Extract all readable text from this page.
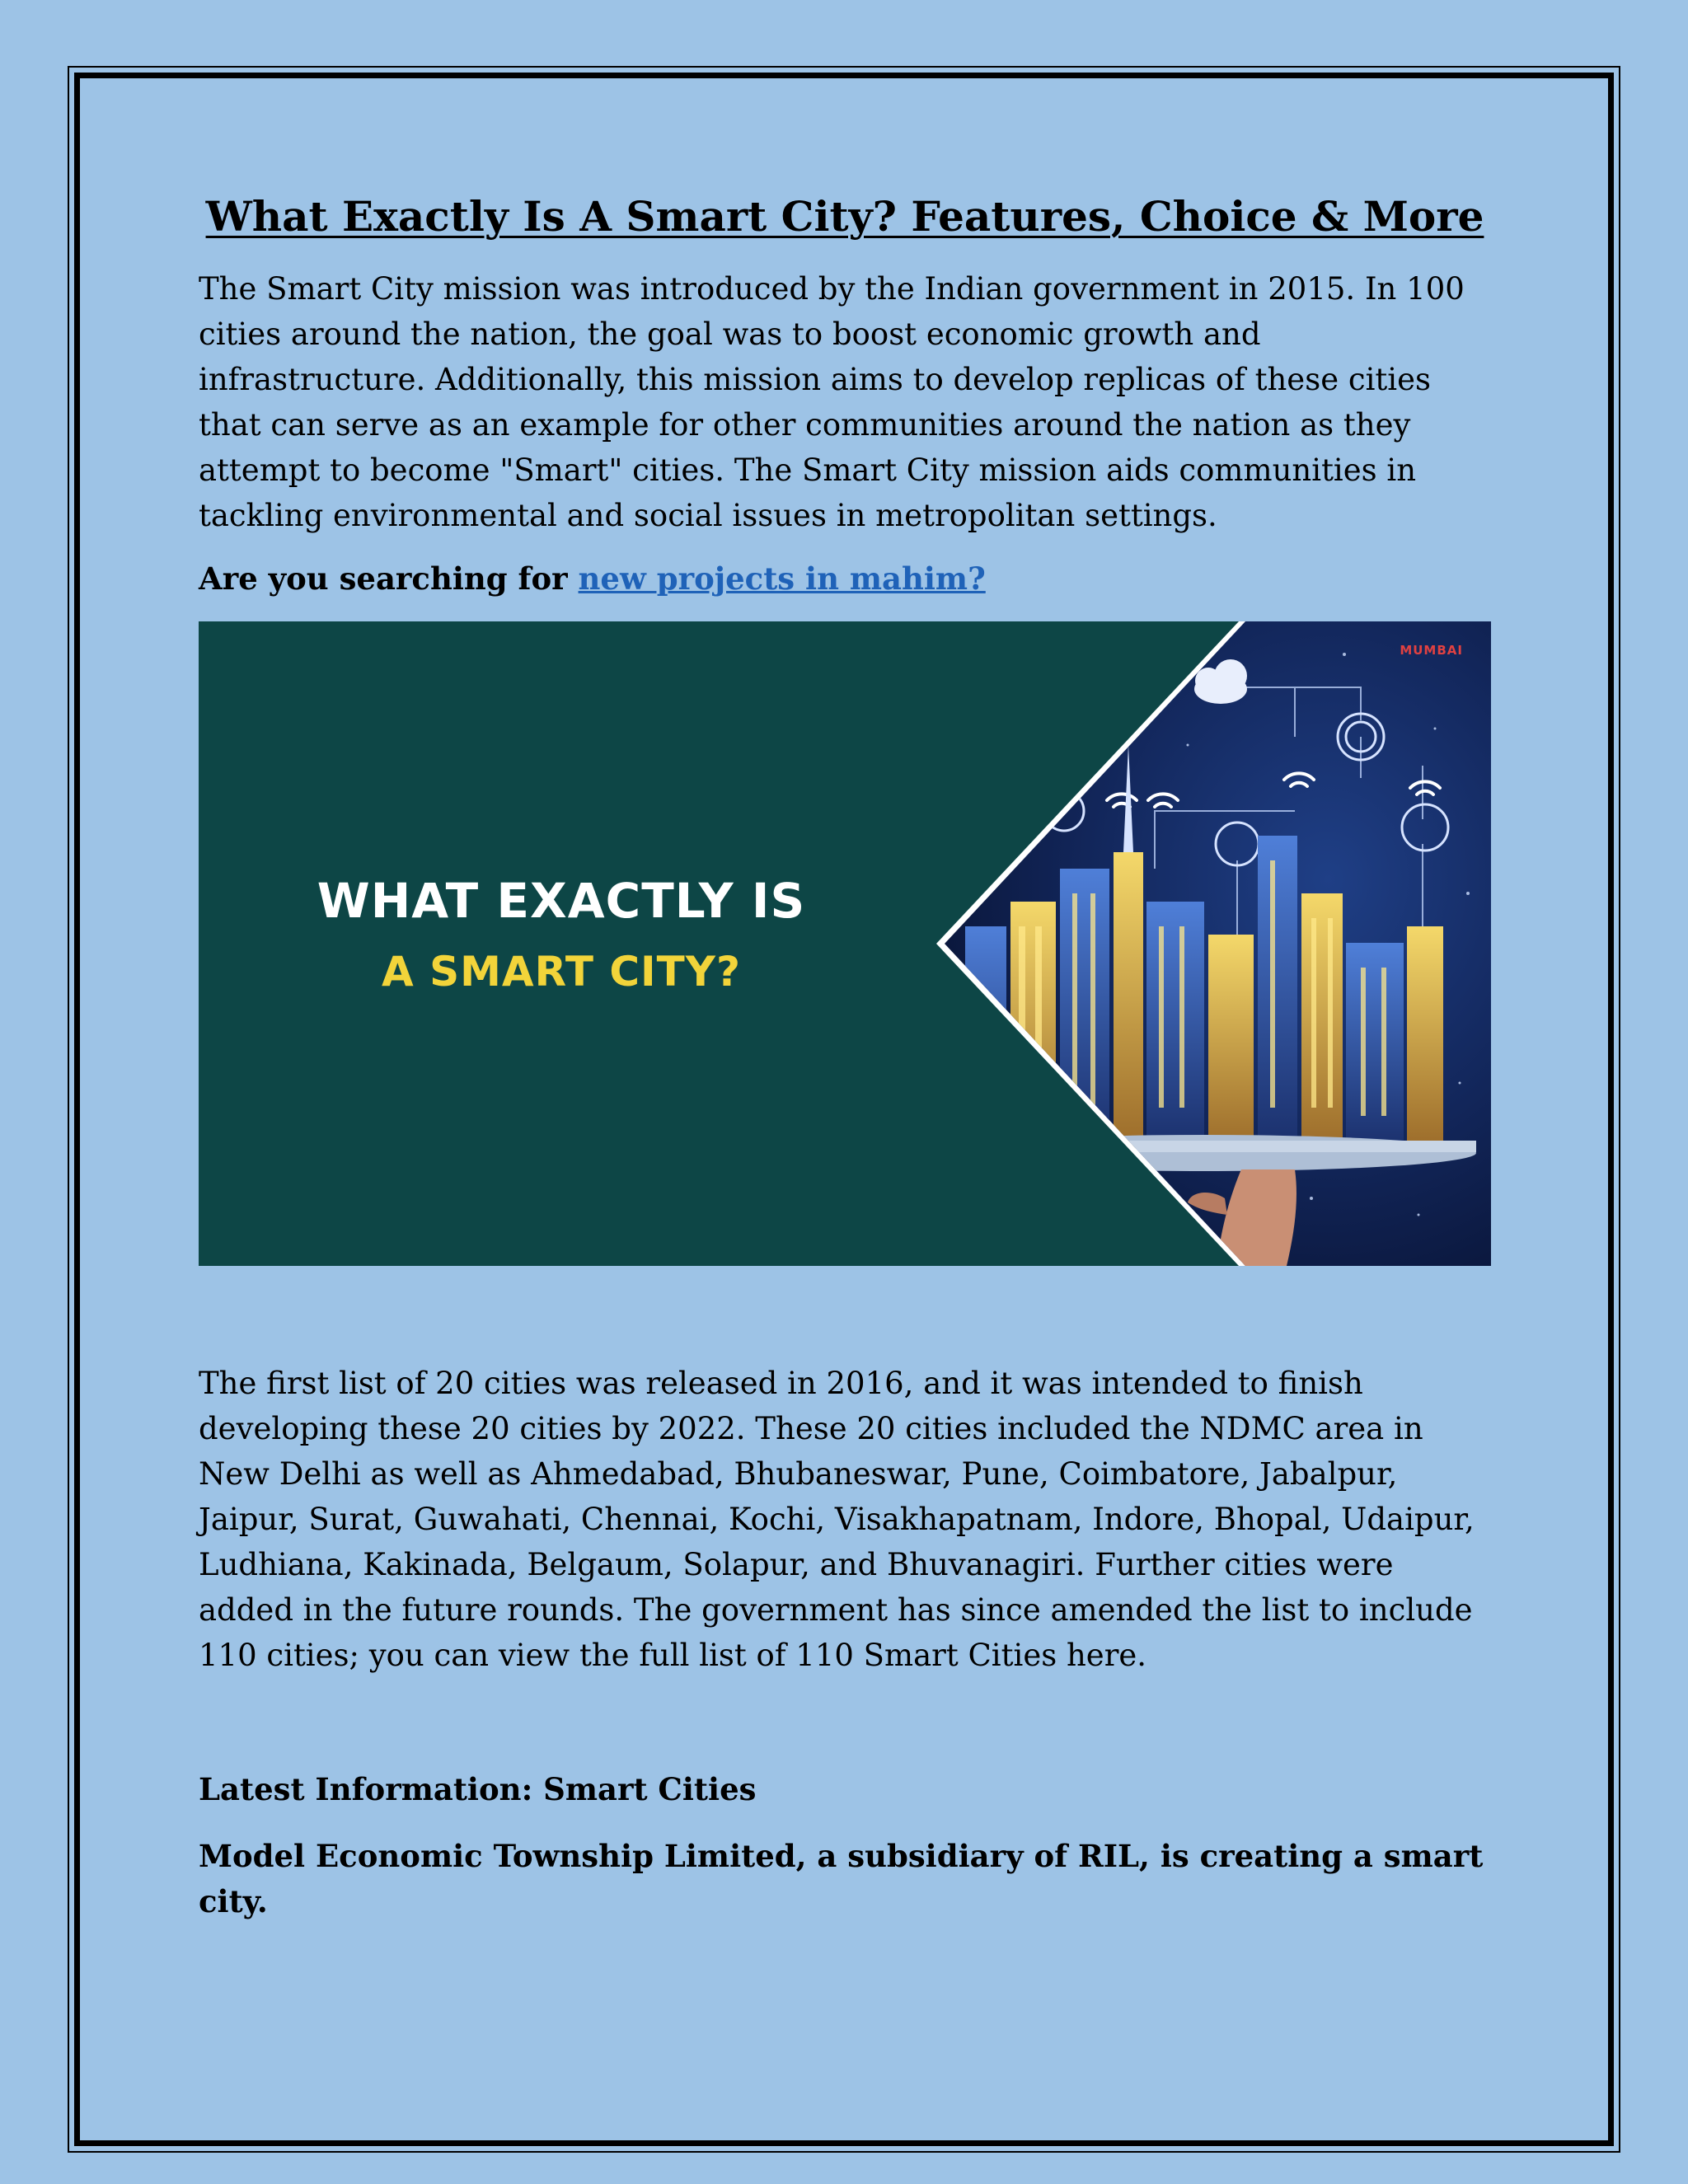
What Exactly Is A Smart City? Features, Choice & More

The Smart City mission was introduced by the Indian government in 2015. In 100 cities around the nation, the goal was to boost economic growth and infrastructure. Additionally, this mission aims to develop replicas of these cities that can serve as an example for other communities around the nation as they attempt to become "Smart" cities. The Smart City mission aids communities in tackling environmental and social issues in metropolitan settings.

Are you searching for new projects in mahim?

WHAT EXACTLY IS
A SMART CITY?
MUMBAI

The first list of 20 cities was released in 2016, and it was intended to finish developing these 20 cities by 2022. These 20 cities included the NDMC area in New Delhi as well as Ahmedabad, Bhubaneswar, Pune, Coimbatore, Jabalpur, Jaipur, Surat, Guwahati, Chennai, Kochi, Visakhapatnam, Indore, Bhopal, Udaipur, Ludhiana, Kakinada, Belgaum, Solapur, and Bhuvanagiri. Further cities were added in the future rounds. The government has since amended the list to include 110 cities; you can view the full list of 110 Smart Cities here.

Latest Information: Smart Cities

Model Economic Township Limited, a subsidiary of RIL, is creating a smart city.
